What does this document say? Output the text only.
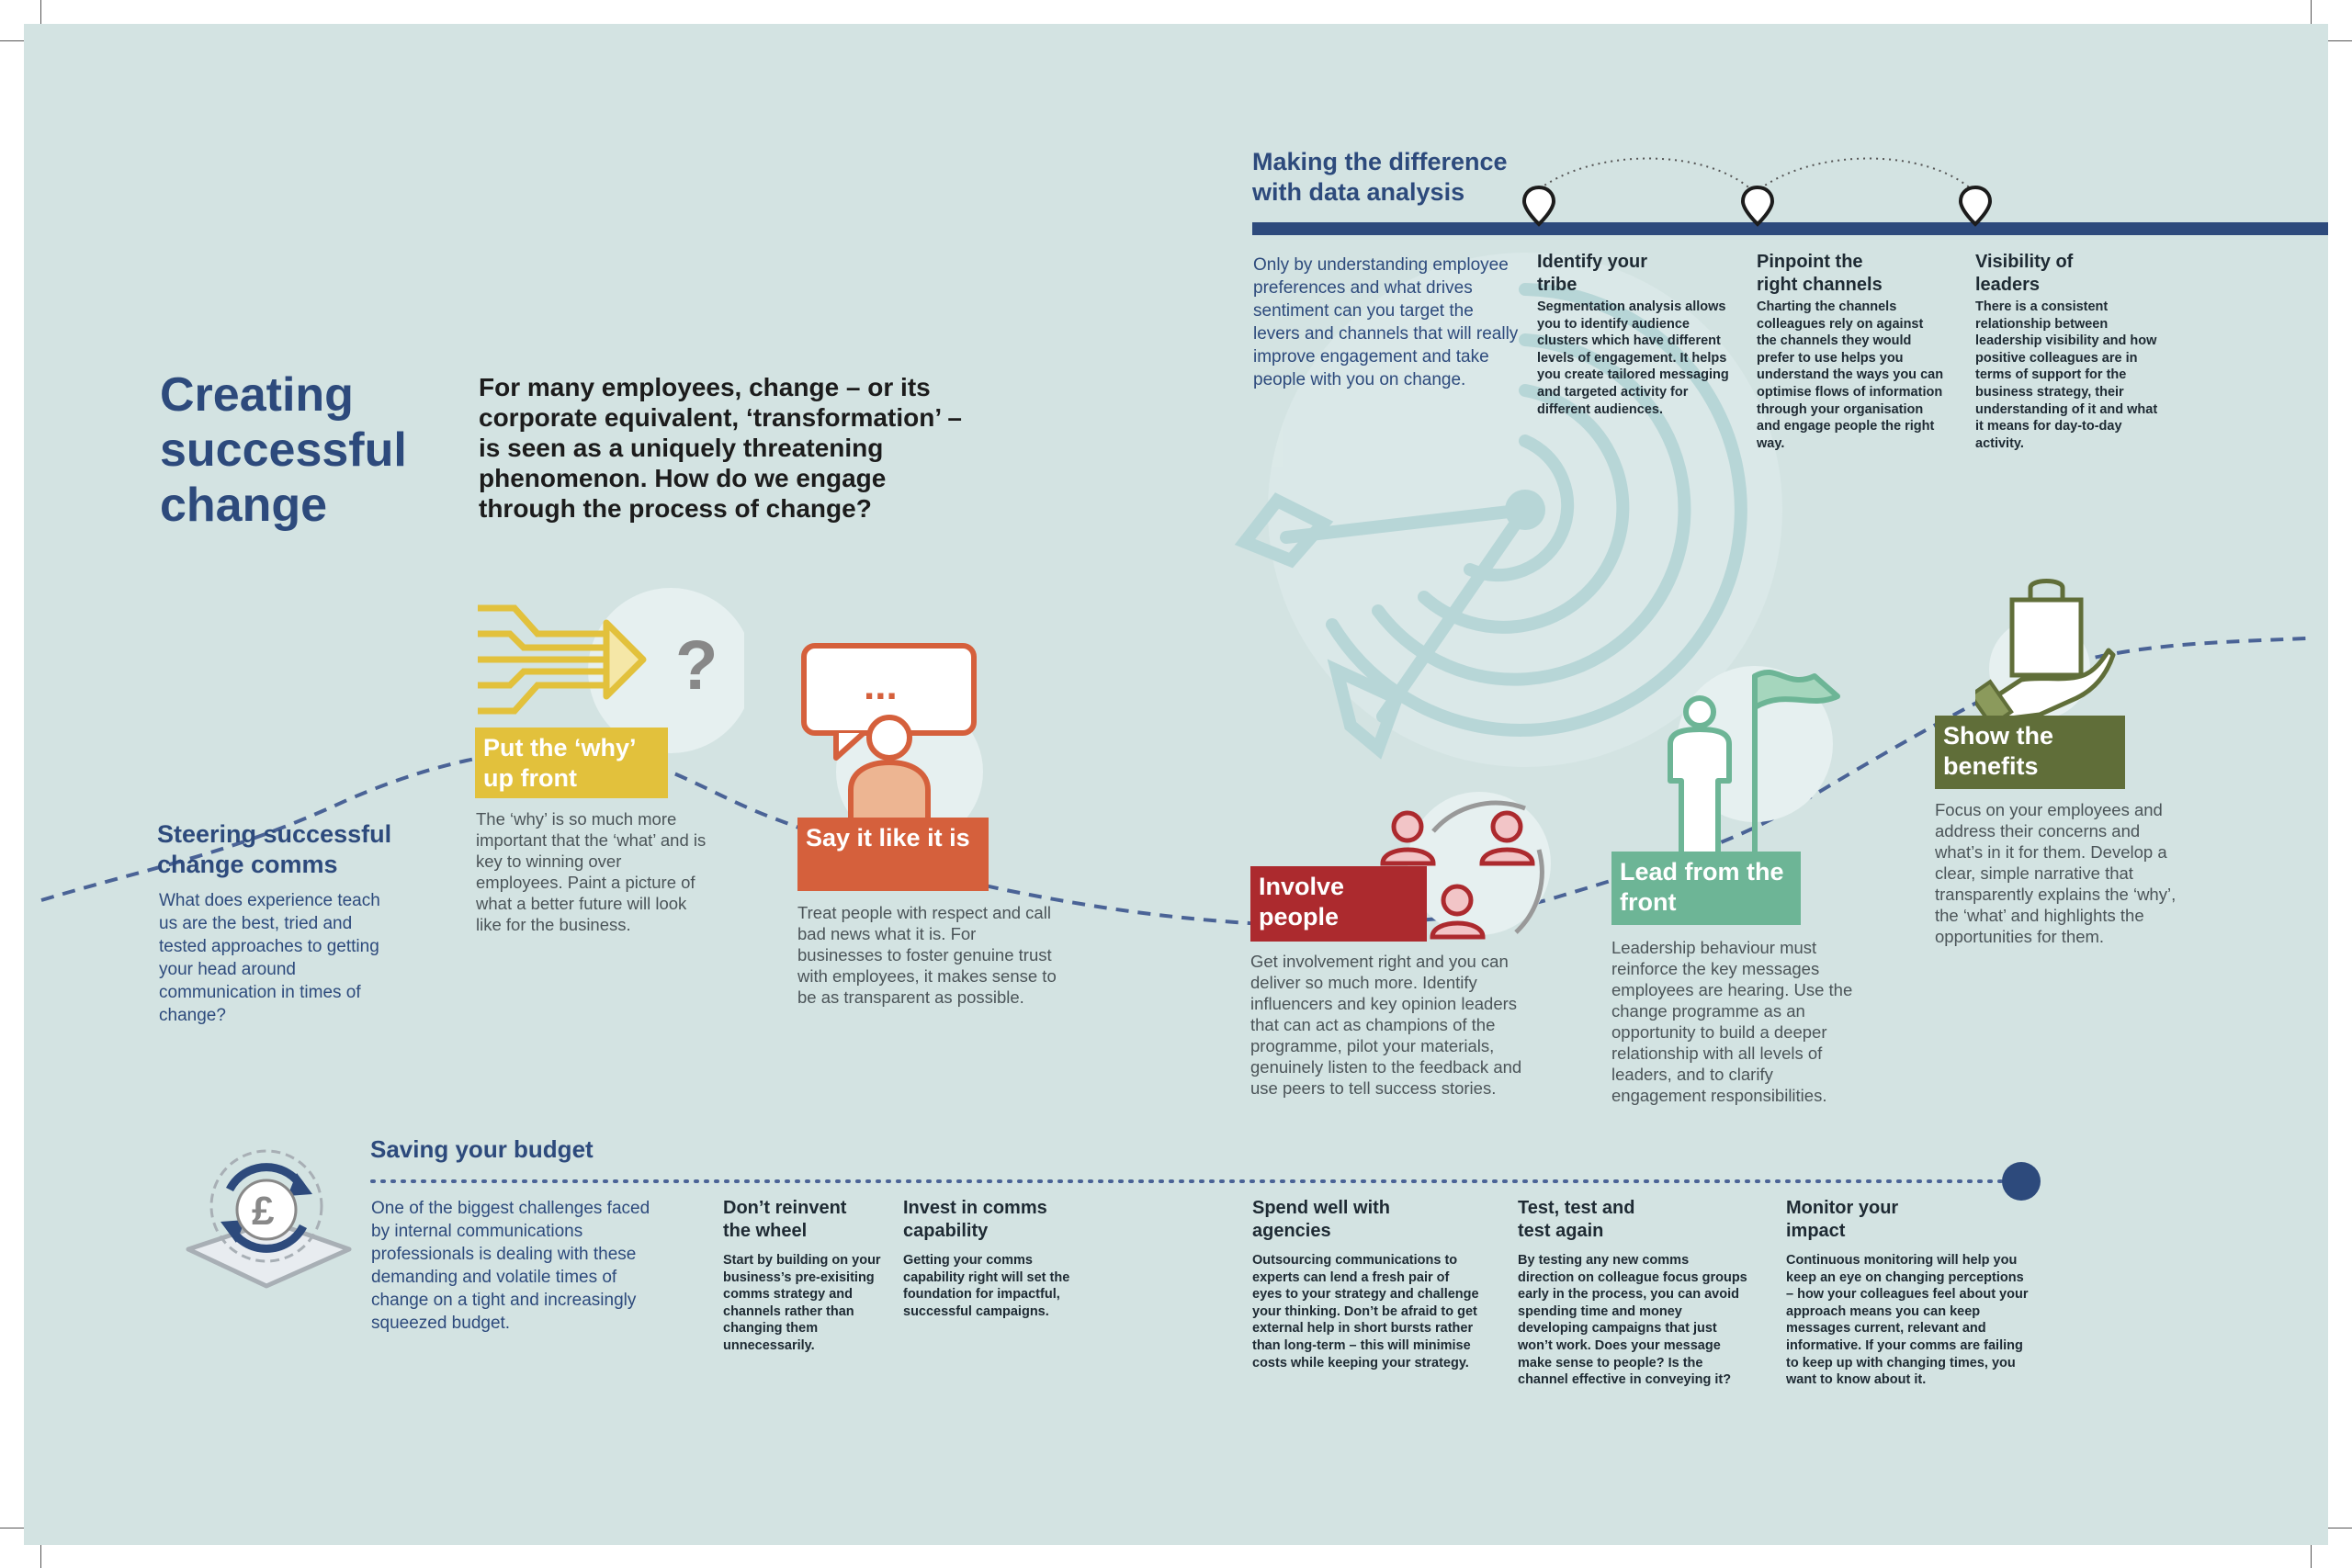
Creating successful change
For many employees, change – or its corporate equivalent, ‘transformation’ – is seen as a uniquely threatening phenomenon. How do we engage through the process of change?
Making the difference with data analysis
Only by understanding employee preferences and what drives sentiment can you target the levers and channels that will really improve engagement and take people with you on change.
Identify your tribe
Segmentation analysis allows you to identify audience clusters which have different levels of engagement. It helps you create tailored messaging and targeted activity for different audiences.
Pinpoint the right channels
Charting the channels colleagues rely on against the channels they would prefer to use helps you understand the ways you can optimise flows of information through your organisation and engage people the right way.
Visibility of leaders
There is a consistent relationship between leadership visibility and how positive colleagues are in terms of support for the business strategy, their understanding of it and what it means for day-to-day activity.
Steering successful change comms
What does experience teach us are the best, tried and tested approaches to getting your head around communication in times of change?
?
Put the ‘why’ up front
The ‘why’ is so much more important that the ‘what’ and is key to winning over employees. Paint a picture of what a better future will look like for the business.
...
Say it like it is
Treat people with respect and call bad news what it is. For businesses to foster genuine trust with employees, it makes sense to be as transparent as possible.
Involve people
Get involvement right and you can deliver so much more. Identify influencers and key opinion leaders that can act as champions of the programme, pilot your materials, genuinely listen to the feedback and use peers to tell success stories.
Lead from the front
Leadership behaviour must reinforce the key messages employees are hearing. Use the change programme as an opportunity to build a deeper relationship with all levels of leaders, and to clarify engagement responsibilities.
Show the benefits
Focus on your employees and address their concerns and what’s in it for them. Develop a clear, simple narrative that transparently explains the ‘why’, the ‘what’ and highlights the opportunities for them.
£
Saving your budget
One of the biggest challenges faced by internal communications professionals is dealing with these demanding and volatile times of change on a tight and increasingly squeezed budget.
Don’t reinvent the wheel
Start by building on your business’s pre-exisiting comms strategy and channels rather than changing them unnecessarily.
Invest in comms capability
Getting your comms capability right will set the foundation for impactful, successful campaigns.
Spend well with agencies
Outsourcing communications to experts can lend a fresh pair of eyes to your strategy and challenge your thinking. Don’t be afraid to get external help in short bursts rather than long-term – this will minimise costs while keeping your strategy.
Test, test and test again
By testing any new comms direction on colleague focus groups early in the process, you can avoid spending time and money developing campaigns that just won’t work. Does your message make sense to people? Is the channel effective in conveying it?
Monitor your impact
Continuous monitoring will help you keep an eye on changing perceptions – how your colleagues feel about your approach means you can keep messages current, relevant and informative. If your comms are failing to keep up with changing times, you want to know about it.
